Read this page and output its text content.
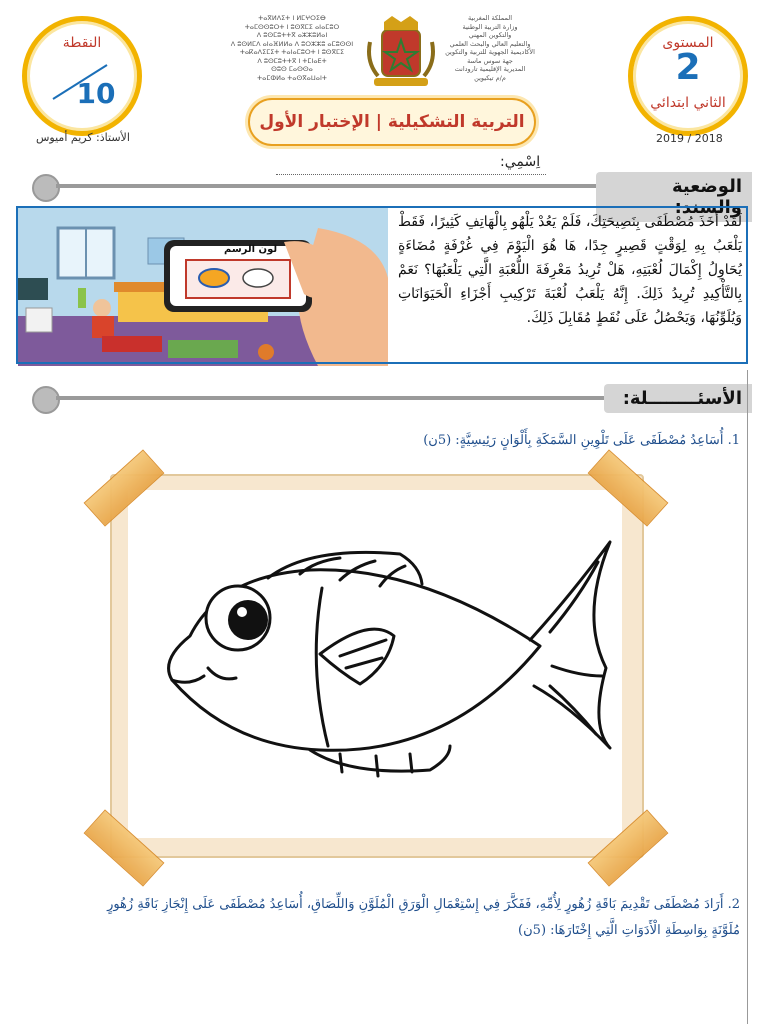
النقطة
10
الأستاذ: كريم أميوس
المستوى
2
الثاني ابتدائي
2019 / 2018
ⵜⴰⴳⵍⴷⵉⵜ ⵏ ⵍⵎⵖⵔⵉⴱ
ⵜⴰⵎⵙⵙⵓⵔⵜ ⵏ ⵓⵙⴳⵎⵉ ⴰⵏⴰⵎⵓⵔ
ⴷ ⵓⵙⵎⵓⵜⵜⴳ ⴰⵣⵣⵓⵍⴰⵏ
ⴷ ⵓⵙⵍⵎⴷ ⴰⵏⴰⴼⵍⵍⴰ ⴷ ⵓⵔⵣⵣⵓ ⴰⵎⵓⵙⵙⵏ
ⵜⴰⴽⴰⴷⵉⵎⵉⵜ ⵜⴰⵏⴰⵎⵓⵔⵜ ⵏ ⵓⵙⴳⵎⵉ
ⴷ ⵓⵙⵎⵓⵜⵜⴳ ⵏ ⵜⵎⵏⴰⴹⵜ
ⵙⵓⵙ ⵎⴰⵙⵙⴰ
ⵜⴰⵎⵀⵍⴰ ⵜⴰⵙⴳⴰⵡⴰⵏⵜ
المملكة المغربية
وزارة التربية الوطنية
والتكوين المهني
والتعليم العالي والبحث العلمي
الأكاديمية الجهوية للتربية والتكوين
جهة سوس ماسة
المديرية الإقليمية تارودانت
م/م تيكيوين
التربية التشكيلية | الإختبار الأول
اِسْمِي:
الوضعية والسند:
لون الرسم
لَقَدْ أَخَذَ مُصْطَفَى بِنَصِيحَتِكَ، فَلَمْ يَعُدْ يَلْهُو بِالْهَاتِفِ كَثِيرًا، فَقَطْ يَلْعَبُ بِهِ لِوَقْتٍ قَصِيرٍ جِدًا، هَا هُوَ الْيَوْمَ فِي غُرْفَةٍ مُضَاءَةٍ يُحَاوِلُ إِكْمَالَ لُعْبَتِهِ، هَلْ تُرِيدُ مَعْرِفَةَ اللُّعْبَةِ الَّتِي يَلْعَبُهَا؟ نَعَمْ بِالتَّأْكِيدِ تُرِيدُ ذَلِكَ. إِنَّهُ يَلْعَبُ لُعْبَةَ تَرْكِيبِ أَجْزَاءِ الْحَيَوَانَاتِ وَيُلَوِّنُهَا، وَيَحْصُلُ عَلَى نُقَطٍ مُقَابِلَ ذَلِكَ.
الأسئــــــــلة:
1. أُسَاعِدُ مُصْطَفَى عَلَى تَلْوِينِ السَّمَكَةِ بِأَلْوَانٍ رَئِيسِيَّةٍ: (5ن)
2. أَرَادَ مُصْطَفَى تَقْدِيمَ بَاقَةِ زُهُورٍ لِأُمِّهِ، فَفَكَّرَ فِي إِسْتِعْمَالِ الْوَرَقِ الْمُلَوَّنِ وَاللِّصَاقِ، أُسَاعِدُ مُصْطَفَى عَلَى إِنْجَازِ بَاقَةِ زُهُورٍ
مُلَوَّنَةٍ بِوَاسِطَةِ الْأَدَوَاتِ الَّتِي إِخْتَارَهَا: (5ن)
